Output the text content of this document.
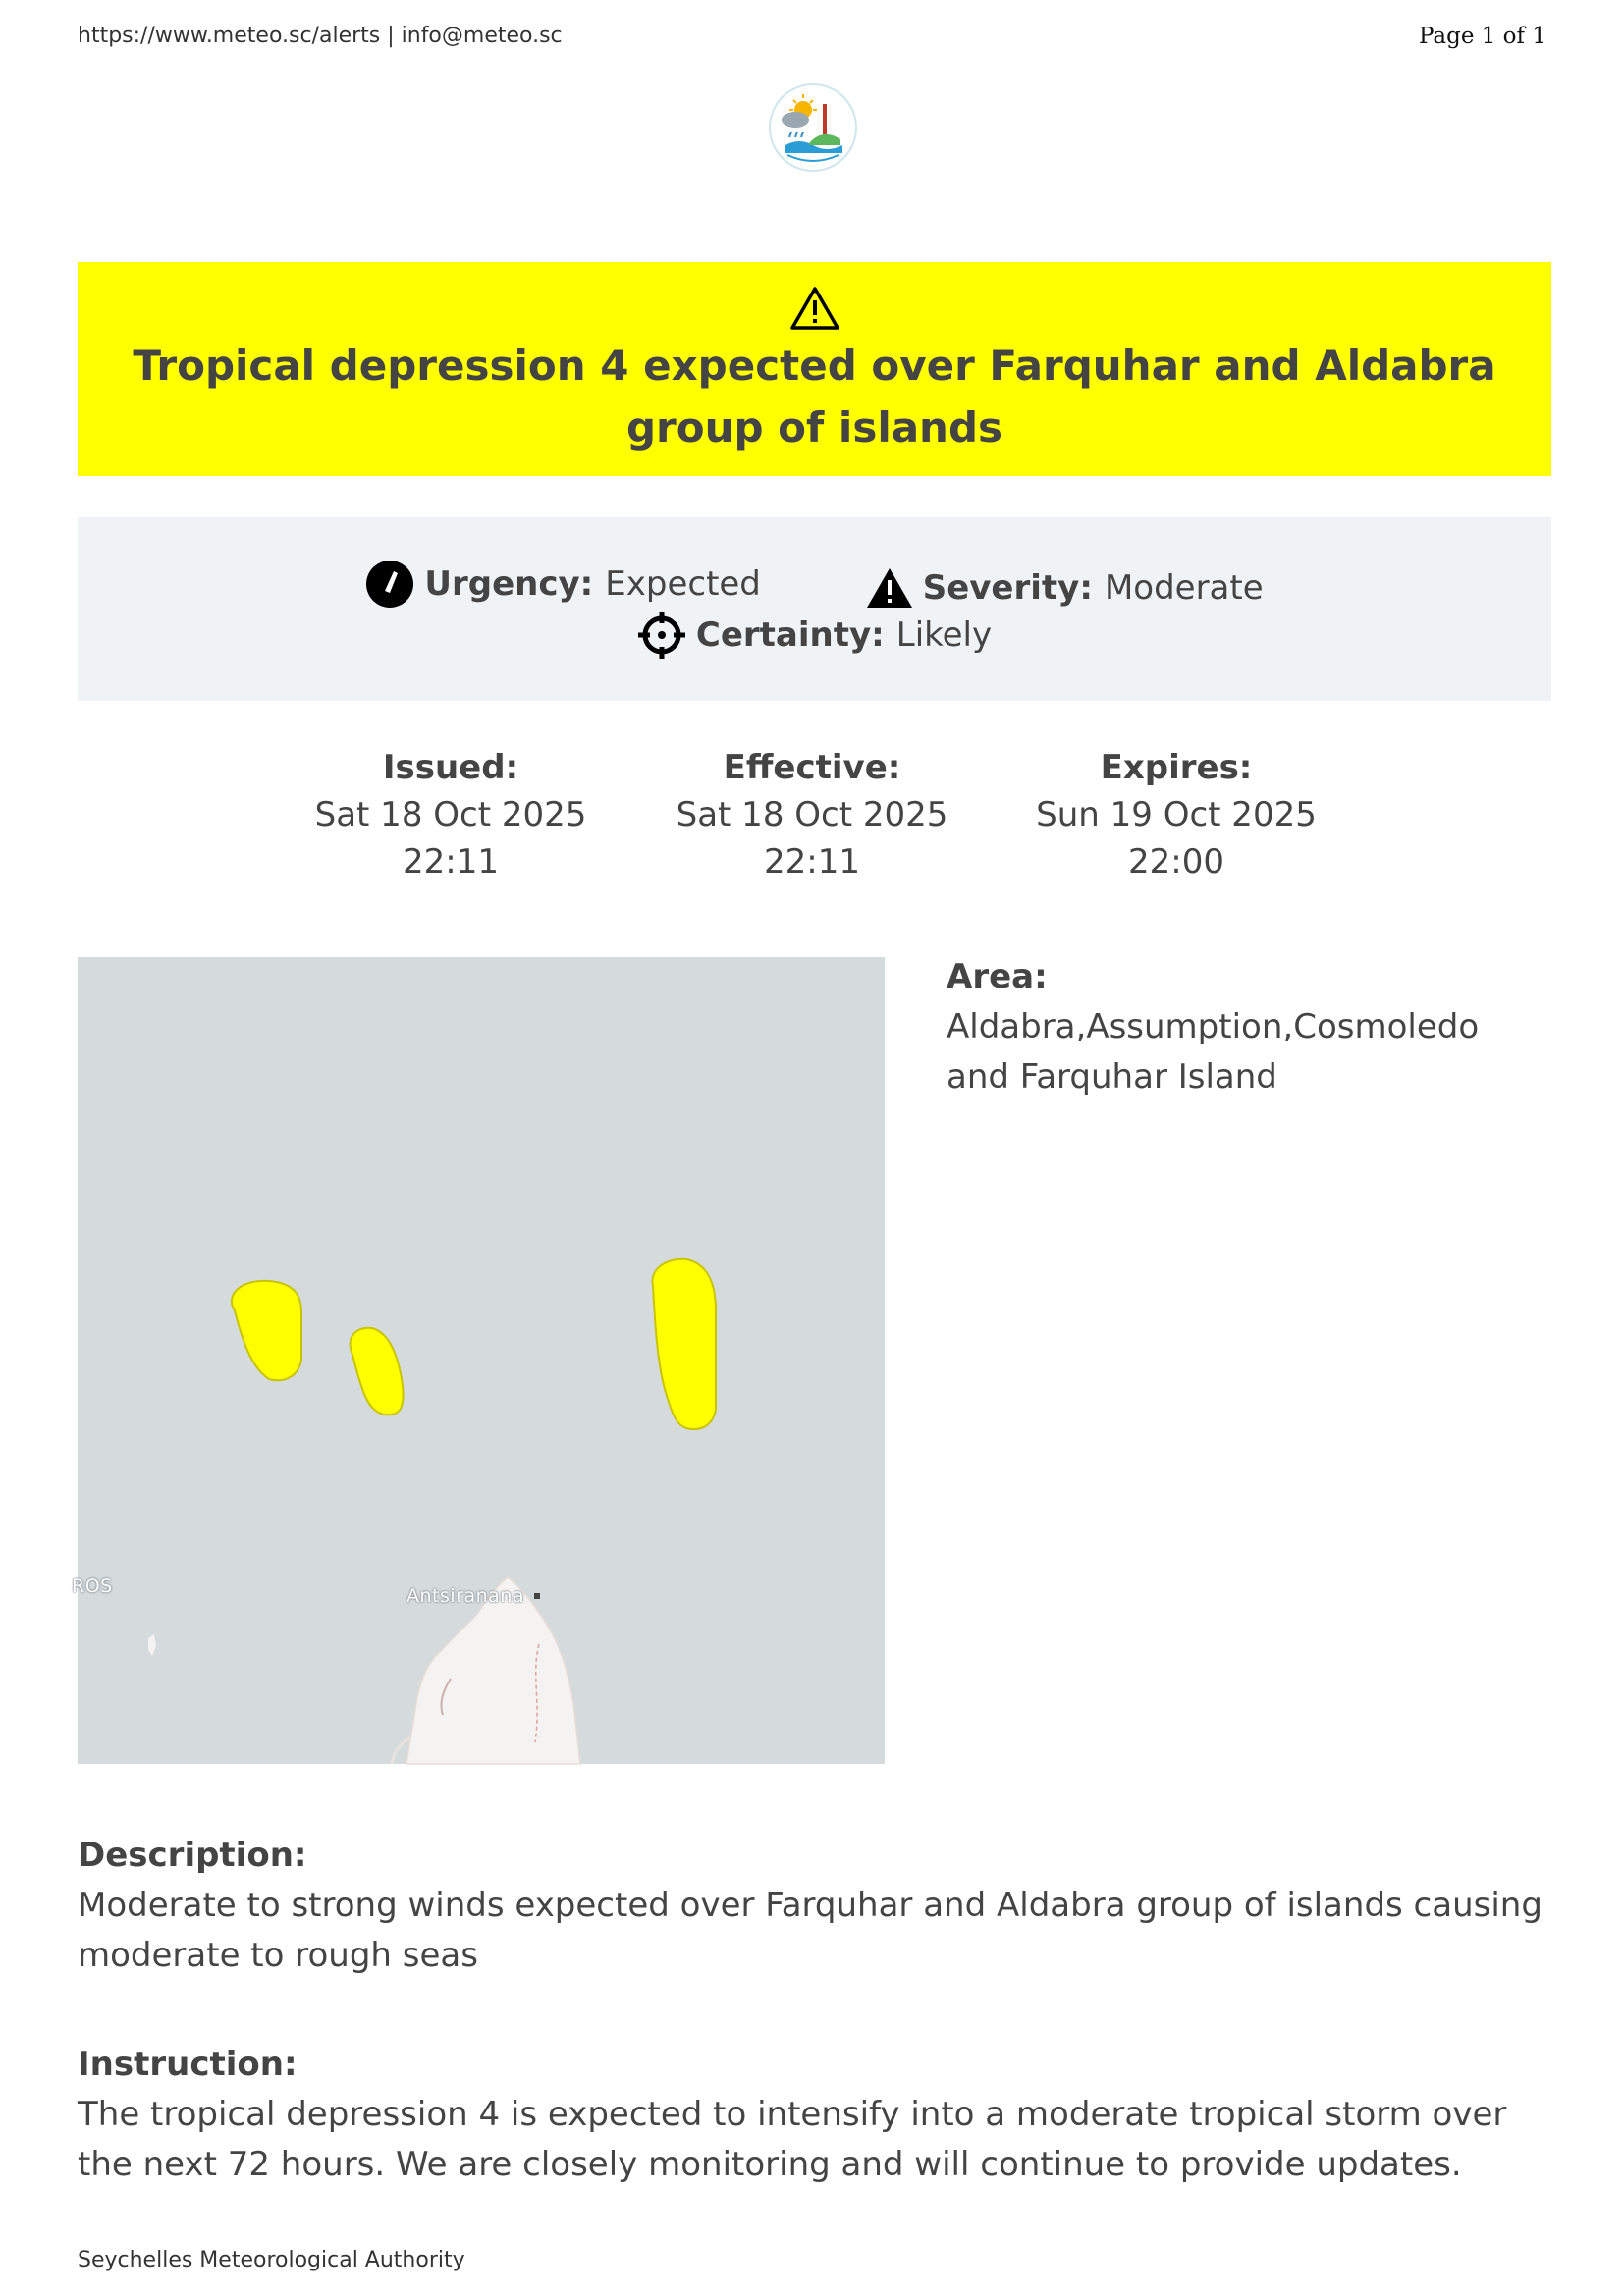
https://www.meteo.sc/alerts | info@meteo.sc	Page 1 of 1
Tropical depression 4 expected over Farquhar and Aldabra group of islands
Urgency: Expected
	Severity: Moderate
Certainty: Likely
Issued:
Sat 18 Oct 2025
22:11
Effective:
Sat 18 Oct 2025
22:11
Expires:
Sun 19 Oct 2025
22:00
ROS	Antsiranana
Area:
Aldabra,Assumption,Cosmoledo and Farquhar Island
Description:
Moderate to strong winds expected over Farquhar and Aldabra group of islands causing moderate to rough seas
Instruction:
The tropical depression 4 is expected to intensify into a moderate tropical storm over the next 72 hours. We are closely monitoring and will continue to provide updates.
Seychelles Meteorological Authority
